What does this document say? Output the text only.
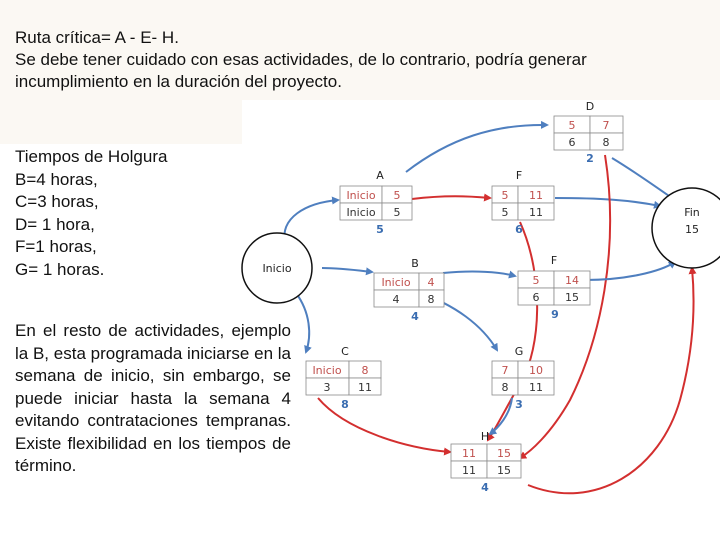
Ruta crítica= A - E- H.
Se debe tener cuidado con esas actividades, de lo contrario, podría generar
incumplimiento en la duración del proyecto.
Tiempos de Holgura
B=4 horas,
C=3 horas,
D= 1 hora,
F=1 horas,
G= 1 horas.
En el resto de actividades, ejemplo la B, esta programada iniciarse en la semana de inicio, sin embargo, se puede iniciar hasta la semana 4 evitando contrataciones tempranas. Existe flexibilidad en los tiempos de término.
Inicio
Fin
15
A
Inicio 5
Inicio 5
5
B
Inicio 4
4	8
4
C
Inicio 8
3	11
8
D
5 7
6 8
2
F
5 11
5 11
6
F
5 14
6 15
9
G
7 10
8 11
3
H
11 15
11 15
4
